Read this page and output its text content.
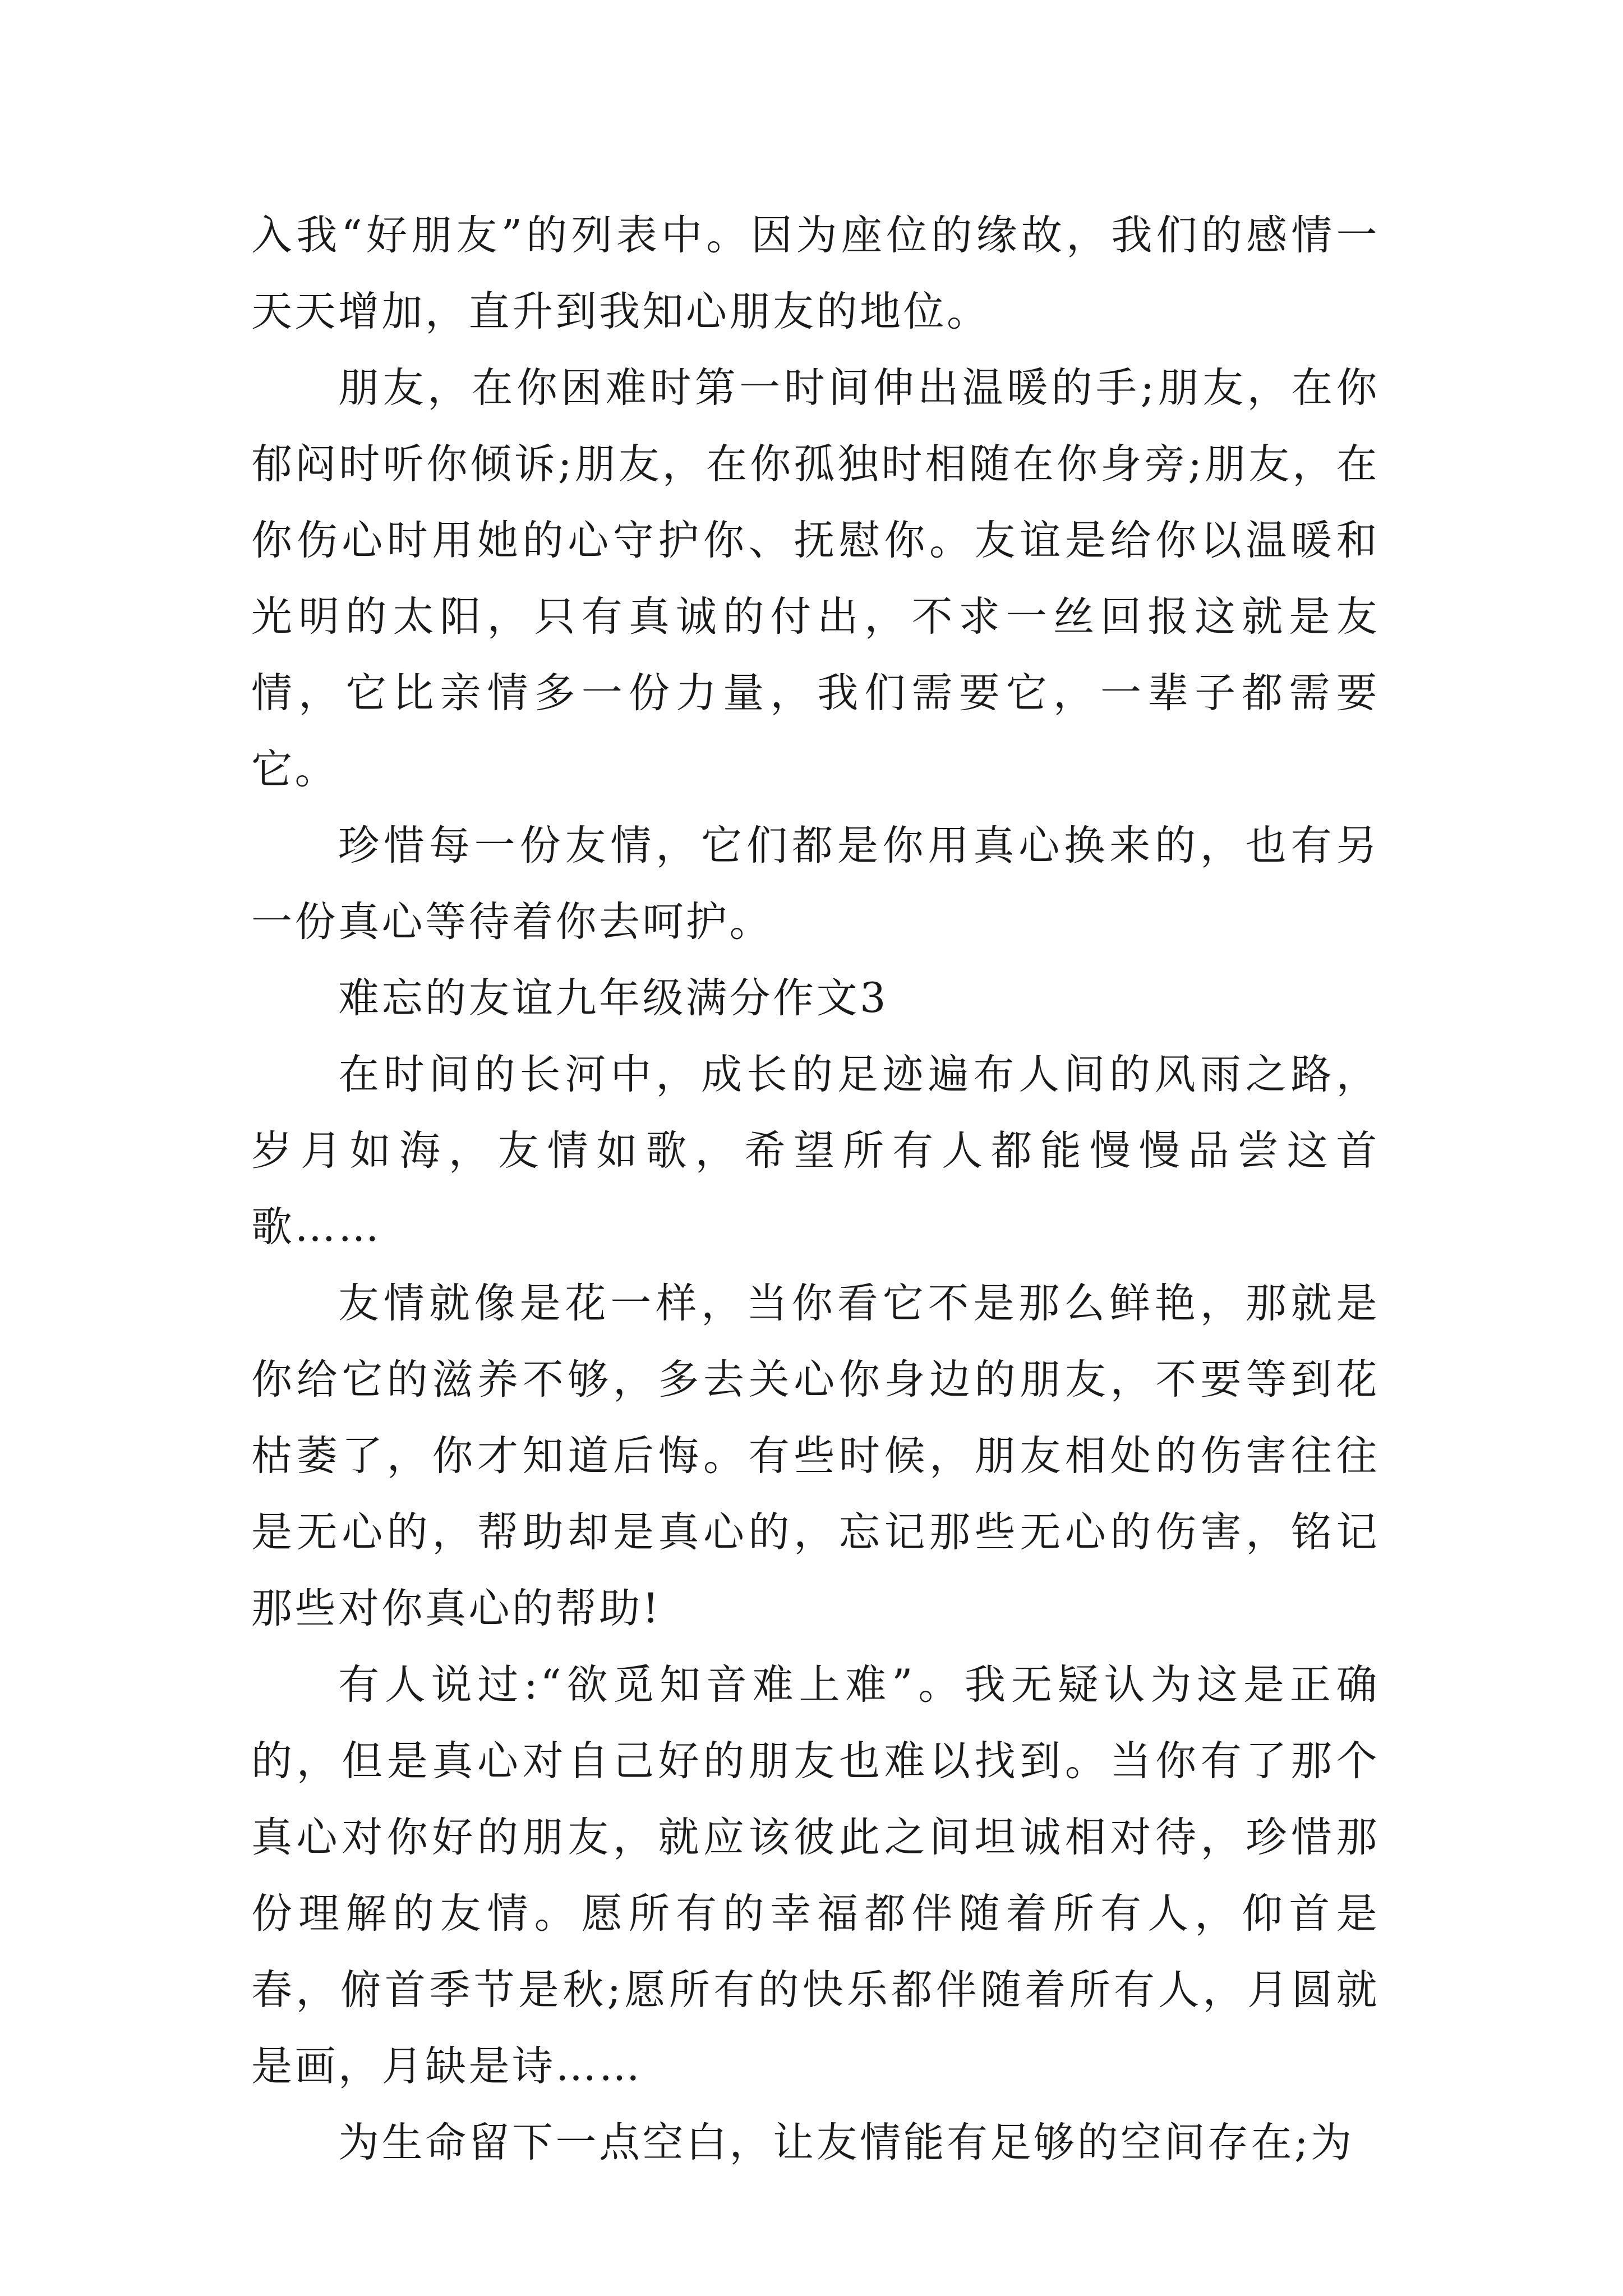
入我“好朋友”的列表中。因为座位的缘故，我们的感情一天天增加，直升到我知心朋友的地位。

朋友，在你困难时第一时间伸出温暖的手;朋友，在你郁闷时听你倾诉;朋友，在你孤独时相随在你身旁;朋友，在你伤心时用她的心守护你、抚慰你。友谊是给你以温暖和光明的太阳，只有真诚的付出，不求一丝回报这就是友情，它比亲情多一份力量，我们需要它，一辈子都需要它。

珍惜每一份友情，它们都是你用真心换来的，也有另一份真心等待着你去呵护。

难忘的友谊九年级满分作文3

在时间的长河中，成长的足迹遍布人间的风雨之路，岁月如海，友情如歌，希望所有人都能慢慢品尝这首歌……

友情就像是花一样，当你看它不是那么鲜艳，那就是你给它的滋养不够，多去关心你身边的朋友，不要等到花枯萎了，你才知道后悔。有些时候，朋友相处的伤害往往是无心的，帮助却是真心的，忘记那些无心的伤害，铭记那些对你真心的帮助!

有人说过:“欲觅知音难上难”。我无疑认为这是正确的，但是真心对自己好的朋友也难以找到。当你有了那个真心对你好的朋友，就应该彼此之间坦诚相对待，珍惜那份理解的友情。愿所有的幸福都伴随着所有人，仰首是春，俯首季节是秋;愿所有的快乐都伴随着所有人，月圆就是画，月缺是诗……

为生命留下一点空白，让友情能有足够的空间存在;为
